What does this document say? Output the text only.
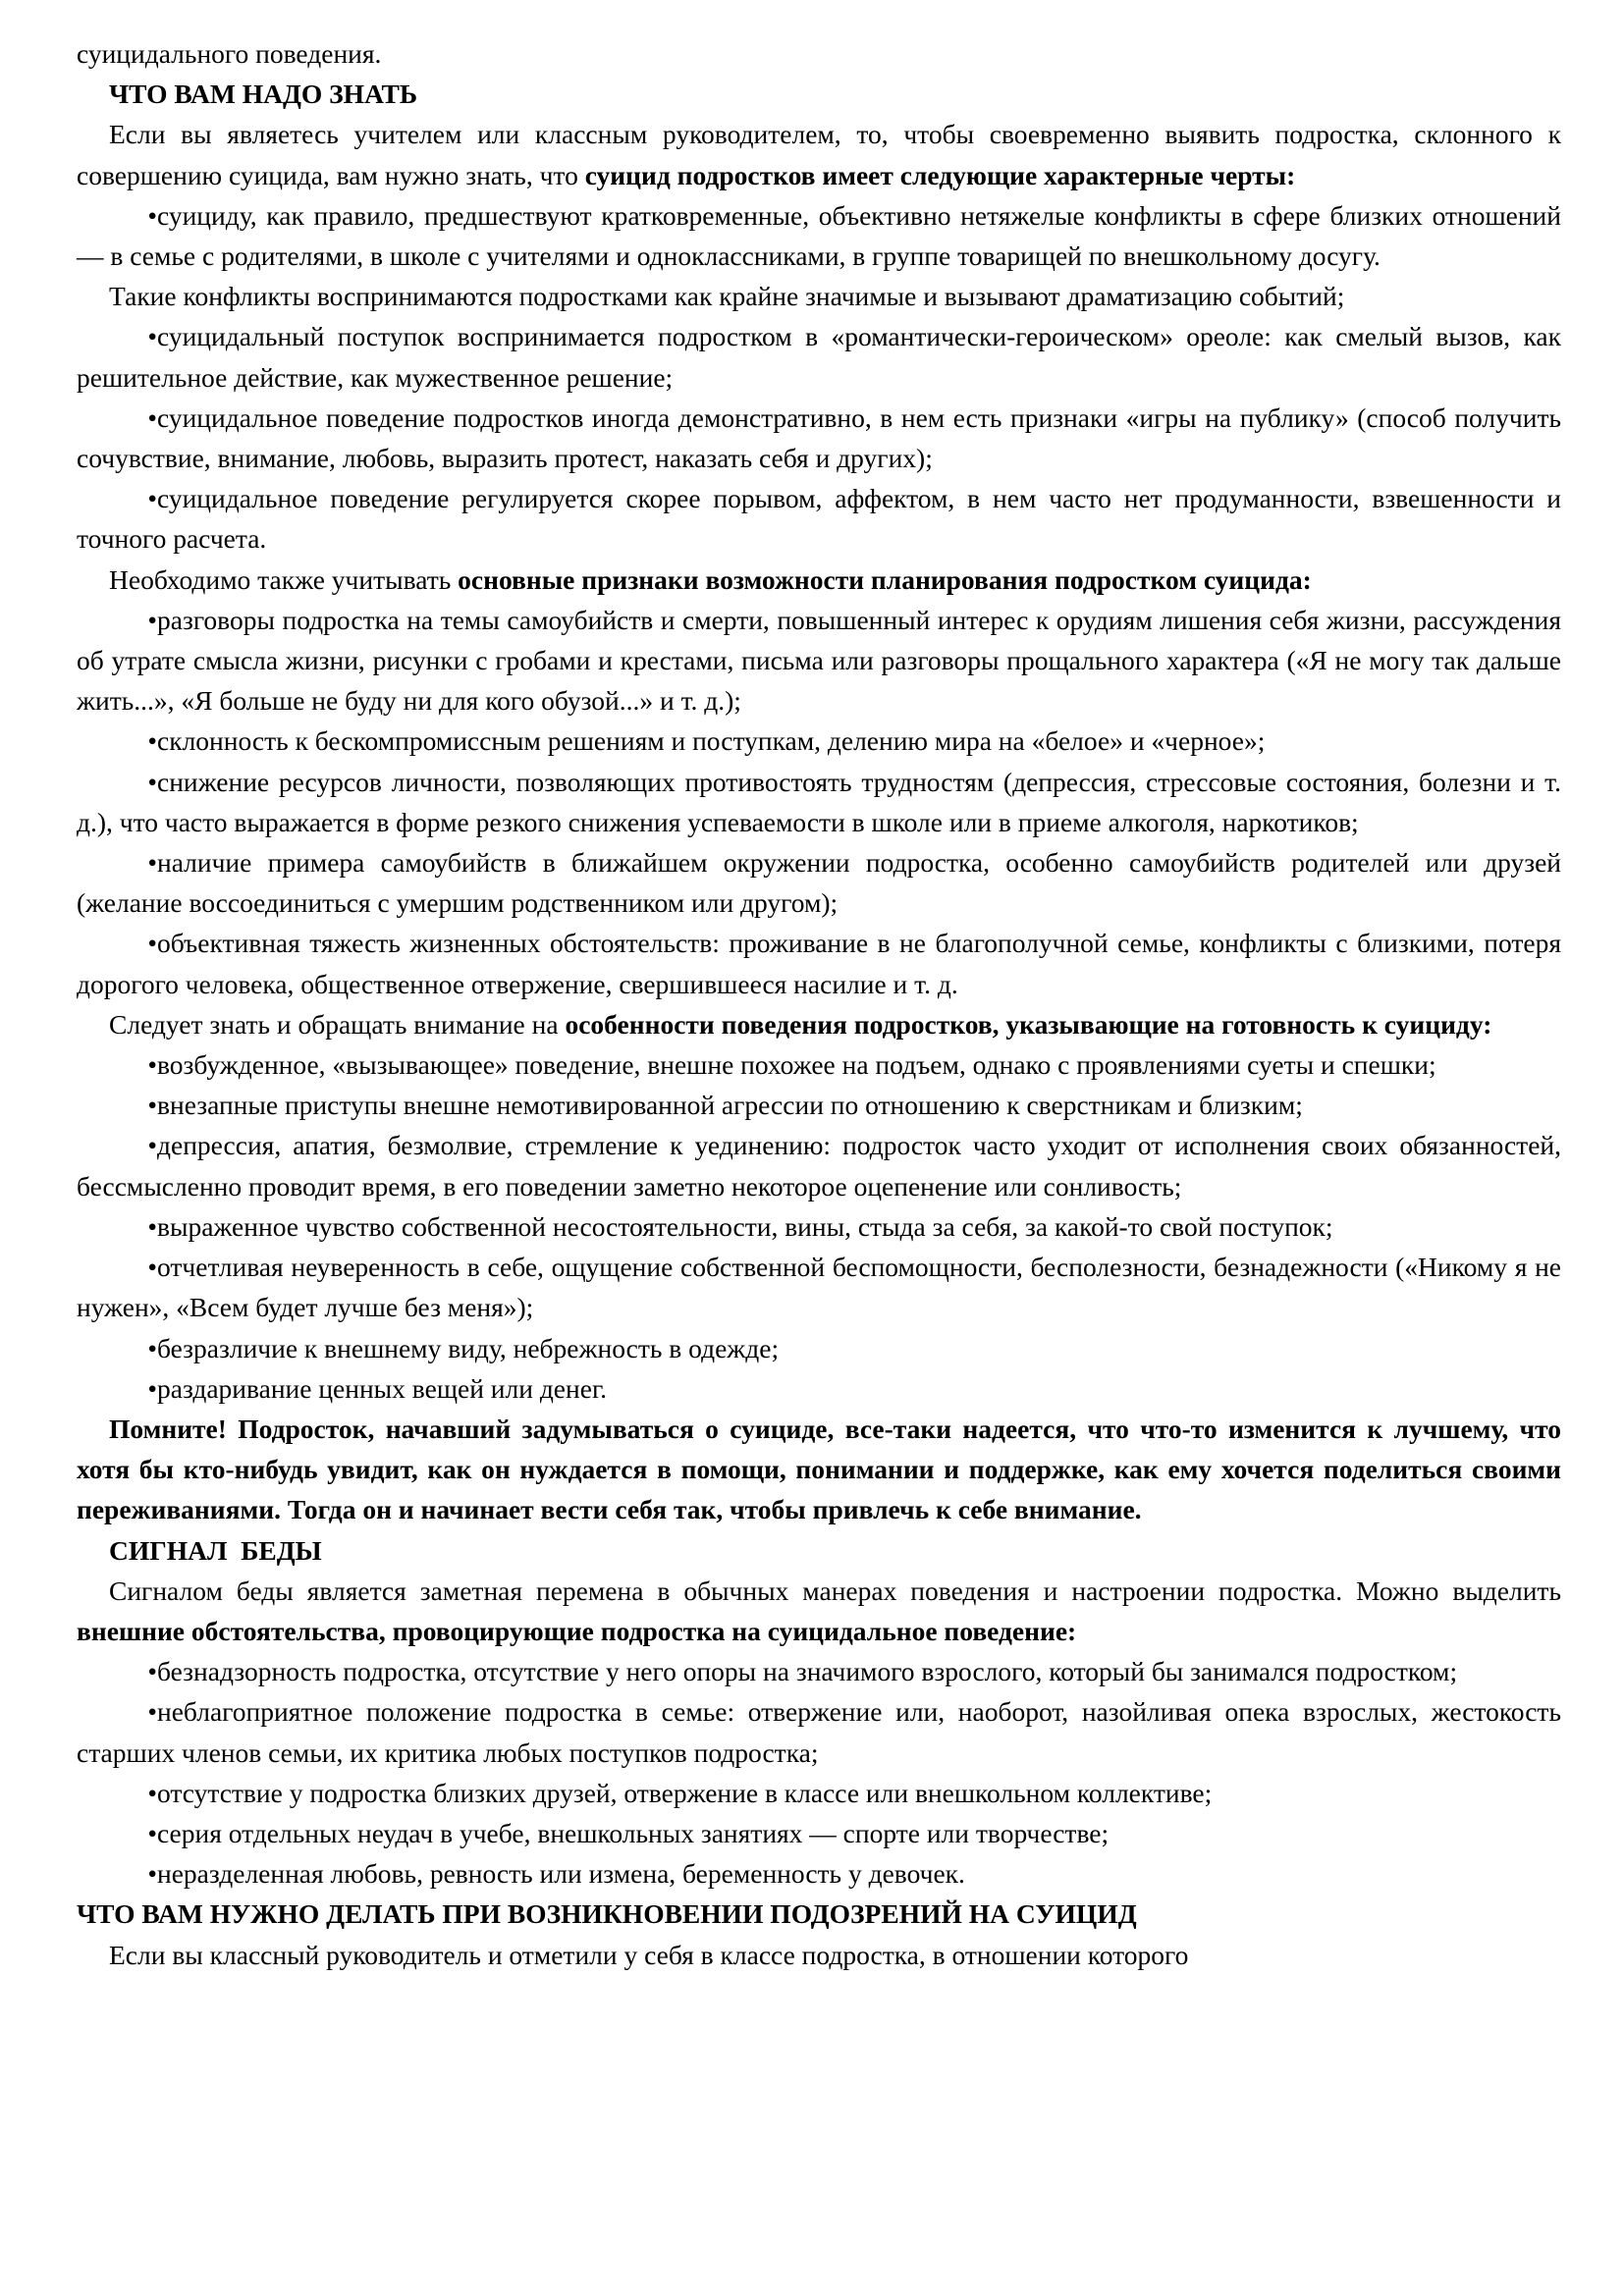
суицидального поведения.

ЧТО ВАМ НАДО ЗНАТЬ

Если вы являетесь учителем или классным руководителем, то, чтобы своевременно выявить подростка, склонного к совершению суицида, вам нужно знать, что суицид подростков имеет следующие характерные черты:

•суициду, как правило, предшествуют кратковременные, объективно нетяжелые конфликты в сфере близких отношений — в семье с родителями, в школе с учителями и одноклассниками, в группе товарищей по внешкольному досугу.

Такие конфликты воспринимаются подростками как крайне значимые и вызывают драматизацию событий;

•суицидальный поступок воспринимается подростком в «романтически-героическом» ореоле: как смелый вызов, как решительное действие, как мужественное решение;

•суицидальное поведение подростков иногда демонстративно, в нем есть признаки «игры на публику» (способ получить сочувствие, внимание, любовь, выразить протест, наказать себя и других);

•суицидальное поведение регулируется скорее порывом, аффектом, в нем часто нет продуманности, взвешенности и точного расчета.

Необходимо также учитывать основные признаки возможности планирования подростком суицида:

•разговоры подростка на темы самоубийств и смерти, повышенный интерес к орудиям лишения себя жизни, рассуждения об утрате смысла жизни, рисунки с гробами и крестами, письма или разговоры прощального характера («Я не могу так дальше жить...», «Я больше не буду ни для кого обузой...» и т. д.);

•склонность к бескомпромиссным решениям и поступкам, делению мира на «белое» и «черное»;

•снижение ресурсов личности, позволяющих противостоять трудностям (депрессия, стрессовые состояния, болезни и т. д.), что часто выражается в форме резкого снижения успеваемости в школе или в приеме алкоголя, наркотиков;

•наличие примера самоубийств в ближайшем окружении подростка, особенно самоубийств родителей или друзей (желание воссоединиться с умершим родственником или другом);

•объективная тяжесть жизненных обстоятельств: проживание в не благополучной семье, конфликты с близкими, потеря дорогого человека, общественное отвержение, свершившееся насилие и т. д.

Следует знать и обращать внимание на особенности поведения подростков, указывающие на готовность к суициду:

•возбужденное, «вызывающее» поведение, внешне похожее на подъем, однако с проявлениями суеты и спешки;

•внезапные приступы внешне немотивированной агрессии по отношению к сверстникам и близким;

•депрессия, апатия, безмолвие, стремление к уединению: подросток часто уходит от исполнения своих обязанностей, бессмысленно проводит время, в его поведении заметно некоторое оцепенение или сонливость;

•выраженное чувство собственной несостоятельности, вины, стыда за себя, за какой-то свой поступок;

•отчетливая неуверенность в себе, ощущение собственной беспомощности, бесполезности, безнадежности («Никому я не нужен», «Всем будет лучше без меня»);

•безразличие к внешнему виду, небрежность в одежде;

•раздаривание ценных вещей или денег.

Помните! Подросток, начавший задумываться о суициде, все-таки надеется, что что-то изменится к лучшему, что хотя бы кто-нибудь увидит, как он нуждается в помощи, понимании и поддержке, как ему хочется поделиться своими переживаниями. Тогда он и начинает вести себя так, чтобы привлечь к себе внимание.

СИГНАЛ  БЕДЫ

Сигналом беды является заметная перемена в обычных манерах поведения и настроении подростка. Можно выделить внешние обстоятельства, провоцирующие подростка на суицидальное поведение:

•безнадзорность подростка, отсутствие у него опоры на значимого взрослого, который бы занимался подростком;

•неблагоприятное положение подростка в семье: отвержение или, наоборот, назойливая опека взрослых, жестокость старших членов семьи, их критика любых поступков подростка;

•отсутствие у подростка близких друзей, отвержение в классе или внешкольном коллективе;

•серия отдельных неудач в учебе, внешкольных занятиях — спорте или творчестве;

•неразделенная любовь, ревность или измена, беременность у девочек.

ЧТО ВАМ НУЖНО ДЕЛАТЬ ПРИ ВОЗНИКНОВЕНИИ ПОДОЗРЕНИЙ НА СУИЦИД

Если вы классный руководитель и отметили у себя в классе подростка, в отношении которого
